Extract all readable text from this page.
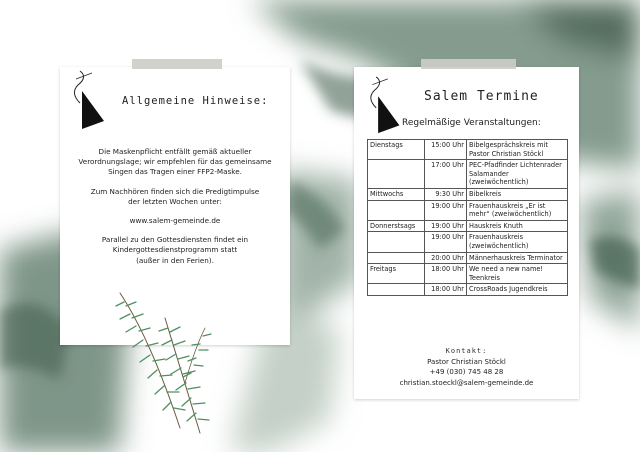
Allgemeine Hinweise:

Die Maskenpflicht entfällt gemäß aktueller
Verordnungslage; wir empfehlen für das gemeinsame
Singen das Tragen einer FFP2-Maske.

Zum Nachhören finden sich die Predigtimpulse
der letzten Wochen unter:

www.salem-gemeinde.de

Parallel zu den Gottesdiensten findet ein
Kindergottesdienstprogramm statt
(außer in den Ferien).

Salem Termine
Regelmäßige Veranstaltungen:
Dienstags	15:00 Uhr	Bibelgesprächskreis mit Pastor Christian Stöckl
	17:00 Uhr	PEC-Pfadfinder Lichtenrader Salamander (zweiwöchentlich)
Mittwochs	9:30 Uhr	Bibelkreis
	19:00 Uhr	Frauenhauskreis „Er ist mehr“ (zweiwöchentlich)
Donnerstsags	19:00 Uhr	Hauskreis Knuth
	19:00 Uhr	Frauenhauskreis (zweiwöchentlich)
	20:00 Uhr	Männerhauskreis Terminator
Freitags	18:00 Uhr	We need a new name! Teenkreis
	18:00 Uhr	CrossRoads Jugendkreis
Kontakt:
Pastor Christian Stöckl
+49 (030) 745 48 28
christian.stoeckl@salem-gemeinde.de
